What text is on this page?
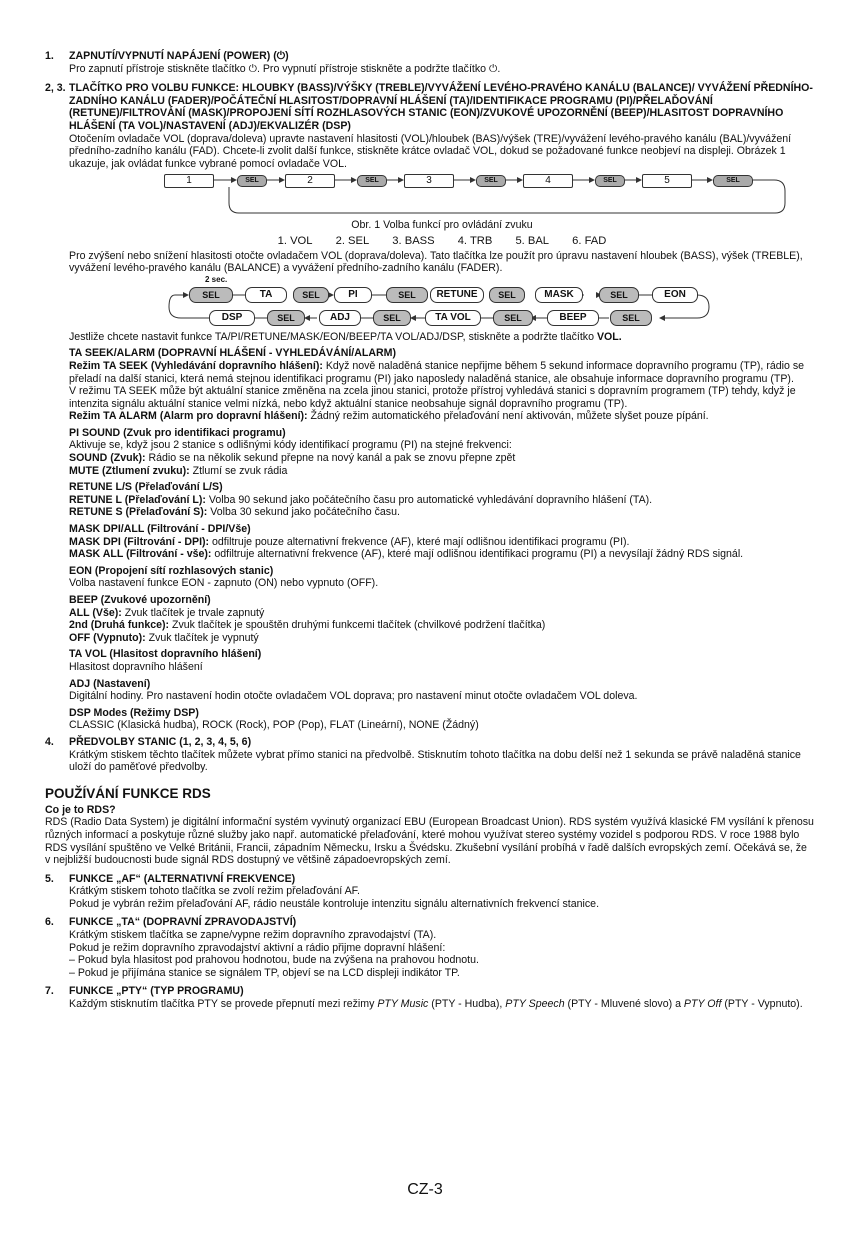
1.	ZAPNUTÍ/VYPNUTÍ NAPÁJENÍ (POWER) (⏻)

Pro zapnutí přístroje stiskněte tlačítko ⏻. Pro vypnutí přístroje stiskněte a podržte tlačítko ⏻.

2, 3. TLAČÍTKO PRO VOLBU FUNKCE: HLOUBKY (BASS)/VÝŠKY (TREBLE)/VYVÁŽENÍ LEVÉHO-PRAVÉHO KANÁLU (BALANCE)/ VYVÁŽENÍ PŘEDNÍHO-ZADNÍHO KANÁLU (FADER)/POČÁTEČNÍ HLASITOST/DOPRAVNÍ HLÁŠENÍ (TA)/IDENTIFIKACE PROGRAMU (PI)/PŘELAĎOVÁNÍ (RETUNE)/FILTROVÁNÍ (MASK)/PROPOJENÍ SÍTÍ ROZHLASOVÝCH STANIC (EON)/ZVUKOVÉ UPOZORNĚNÍ (BEEP)/HLASITOST DOPRAVNÍHO HLÁŠENÍ (TA VOL)/NASTAVENÍ (ADJ)/EKVALIZÉR (DSP)

Otočením ovladače VOL (doprava/doleva) upravte nastavení hlasitosti (VOL)/hloubek (BAS)/výšek (TRE)/vyvážení levého-pravého kanálu (BAL)/vyvážení předního-zadního kanálu (FAD). Chcete-li zvolit další funkce, stiskněte krátce ovladač VOL, dokud se požadované funkce neobjeví na displeji. Obrázek 1 ukazuje, jak ovládat funkce vybrané pomocí ovladače VOL.

1	SEL	2	SEL	3	SEL	4	SEL	5	SEL

Obr. 1 Volba funkcí pro ovládání zvuku

1. VOL 2. SEL 3. BASS 4. TRB 5. BAL 6. FAD

Pro zvýšení nebo snížení hlasitosti otočte ovladačem VOL (doprava/doleva). Tato tlačítka lze použít pro úpravu nastavení hloubek (BASS), výšek (TREBLE), vyvážení levého-pravého kanálu (BALANCE) a vyvážení předního-zadního kanálu (FADER).

2 sec.
SEL	TA	SEL	PI	SEL	RETUNE	SEL	MASK	SEL	EON
DSP	SEL	ADJ	SEL	TA VOL	SEL	BEEP	SEL

Jestliže chcete nastavit funkce TA/PI/RETUNE/MASK/EON/BEEP/TA VOL/ADJ/DSP, stiskněte a podržte tlačítko VOL.

TA SEEK/ALARM (DOPRAVNÍ HLÁŠENÍ - VYHLEDÁVÁNÍ/ALARM)

Režim TA SEEK (Vyhledávání dopravního hlášení): Když nově naladěná stanice nepřijme během 5 sekund informace dopravního programu (TP), rádio se přeladí na další stanici, která nemá stejnou identifikaci programu (PI) jako naposledy naladěná stanice, ale obsahuje informace dopravního programu (TP).

V režimu TA SEEK může být aktuální stanice změněna na zcela jinou stanici, protože přístroj vyhledává stanici s dopravním programem (TP) tehdy, když je intenzita signálu aktuální stanice velmi nízká, nebo když aktuální stanice neobsahuje signál dopravního programu (TP).

Režim TA ALARM (Alarm pro dopravní hlášení): Žádný režim automatického přelaďování není aktivován, můžete slyšet pouze pípání.

PI SOUND (Zvuk pro identifikaci programu)

Aktivuje se, když jsou 2 stanice s odlišnými kódy identifikací programu (PI) na stejné frekvenci:

SOUND (Zvuk): Rádio se na několik sekund přepne na nový kanál a pak se znovu přepne zpět

MUTE (Ztlumení zvuku): Ztlumí se zvuk rádia

RETUNE L/S (Přelaďování L/S)

RETUNE L (Přelaďování L): Volba 90 sekund jako počátečního času pro automatické vyhledávání dopravního hlášení (TA).

RETUNE S (Přelaďování S): Volba 30 sekund jako počátečního času.

MASK DPI/ALL (Filtrování - DPI/Vše)

MASK DPI (Filtrování - DPI): odfiltruje pouze alternativní frekvence (AF), které mají odlišnou identifikaci programu (PI).

MASK ALL (Filtrování - vše): odfiltruje alternativní frekvence (AF), které mají odlišnou identifikaci programu (PI) a nevysílají žádný RDS signál.

EON (Propojení sítí rozhlasových stanic)

Volba nastavení funkce EON - zapnuto (ON) nebo vypnuto (OFF).

BEEP (Zvukové upozornění)

ALL (Vše): Zvuk tlačítek je trvale zapnutý

2nd (Druhá funkce): Zvuk tlačítek je spouštěn druhými funkcemi tlačítek (chvilkové podržení tlačítka)

OFF (Vypnuto): Zvuk tlačítek je vypnutý

TA VOL (Hlasitost dopravního hlášení)

Hlasitost dopravního hlášení

ADJ (Nastavení)

Digitální hodiny. Pro nastavení hodin otočte ovladačem VOL doprava; pro nastavení minut otočte ovladačem VOL doleva.

DSP Modes (Režimy DSP)

CLASSIC (Klasická hudba), ROCK (Rock), POP (Pop), FLAT (Lineární), NONE (Žádný)

4.	PŘEDVOLBY STANIC (1, 2, 3, 4, 5, 6)

Krátkým stiskem těchto tlačítek můžete vybrat přímo stanici na předvolbě. Stisknutím tohoto tlačítka na dobu delší než 1 sekunda se právě naladěná stanice uloží do paměťové předvolby.

POUŽÍVÁNÍ FUNKCE RDS

Co je to RDS?

RDS (Radio Data System) je digitální informační systém vyvinutý organizací EBU (European Broadcast Union). RDS systém využívá klasické FM vysílání k přenosu různých informací a poskytuje různé služby jako např. automatické přelaďování, které mohou využívat stereo systémy vozidel s podporou RDS. V roce 1988 bylo RDS vysílání spuštěno ve Velké Británii, Francii, západním Německu, Irsku a Švédsku. Zkušební vysílání probíhá v řadě dalších evropských zemí. Očekává se, že v nejbližší budoucnosti bude signál RDS dostupný ve většině západoevropských zemí.

5.	FUNKCE „AF“ (ALTERNATIVNÍ FREKVENCE)

Krátkým stiskem tohoto tlačítka se zvolí režim přelaďování AF.

Pokud je vybrán režim přelaďování AF, rádio neustále kontroluje intenzitu signálu alternativních frekvencí stanice.

6.	FUNKCE „TA“ (DOPRAVNÍ ZPRAVODAJSTVÍ)

Krátkým stiskem tlačítka se zapne/vypne režim dopravního zpravodajství (TA).

Pokud je režim dopravního zpravodajství aktivní a rádio přijme dopravní hlášení:

– Pokud byla hlasitost pod prahovou hodnotou, bude na zvýšena na prahovou hodnotu.

– Pokud je přijímána stanice se signálem TP, objeví se na LCD displeji indikátor TP.

7.	FUNKCE „PTY“ (TYP PROGRAMU)

Každým stisknutím tlačítka PTY se provede přepnutí mezi režimy PTY Music (PTY - Hudba), PTY Speech (PTY - Mluvené slovo) a PTY Off (PTY - Vypnuto).

CZ-3
